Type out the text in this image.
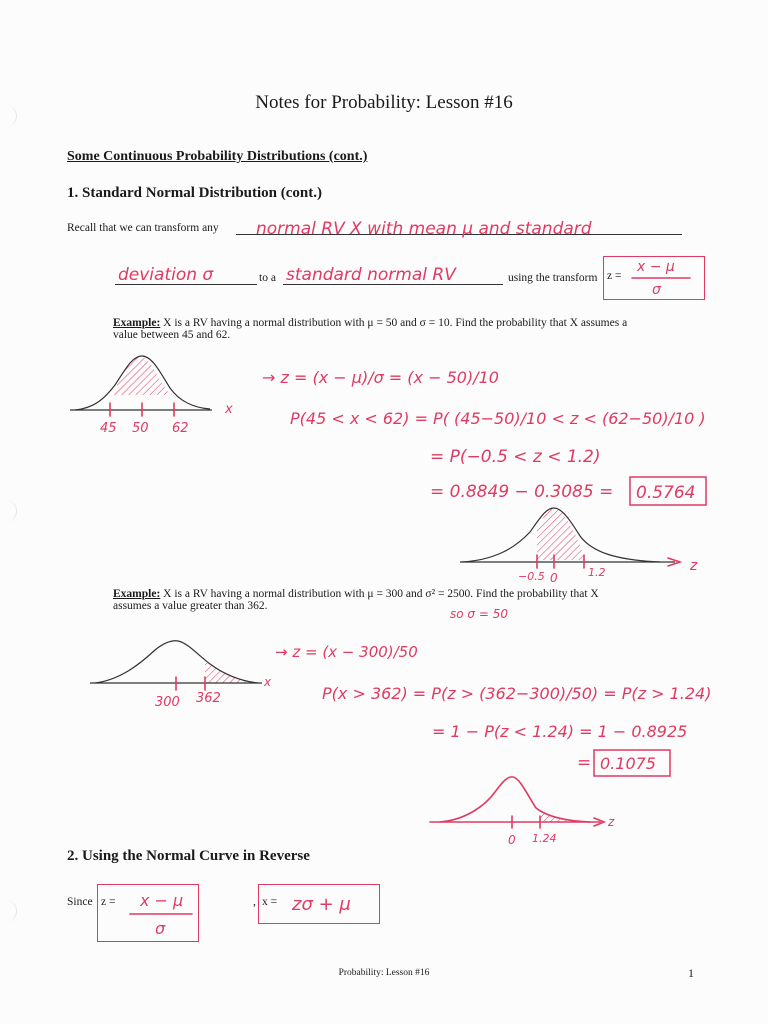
Notes for Probability: Lesson #16
Some Continuous Probability Distributions (cont.)
1. Standard Normal Distribution (cont.)
Recall that we can transform any
to a	using the transform z =
Example: X is a RV having a normal distribution with μ = 50 and σ = 10. Find the probability that X assumes a
value between 45 and 62.
Example: X is a RV having a normal distribution with μ = 300 and σ² = 2500. Find the probability that X
assumes a value greater than 362.
2. Using the Normal Curve in Reverse
Since z =	, x =
Probability: Lesson #16	1
normal RV X with mean μ and standard
deviation σ	standard normal RV	x − μ
σ
45 50 62
x
→ z = (x − μ)/σ = (x − 50)/10
P(45 < x < 62) = P( (45−50)/10 < z < (62−50)/10 )
= P(−0.5 < z < 1.2)
= 0.8849 − 0.3085 = 0.5764
−0.5 0	1.2	z
so σ = 50
300 362
x
→ z = (x − 300)/50
P(x > 362) = P(z > (362−300)/50) = P(z > 1.24)
= 1 − P(z < 1.24) = 1 − 0.8925
= 0.1075
0 1.24
z
x − μ
σ
zσ + μ
